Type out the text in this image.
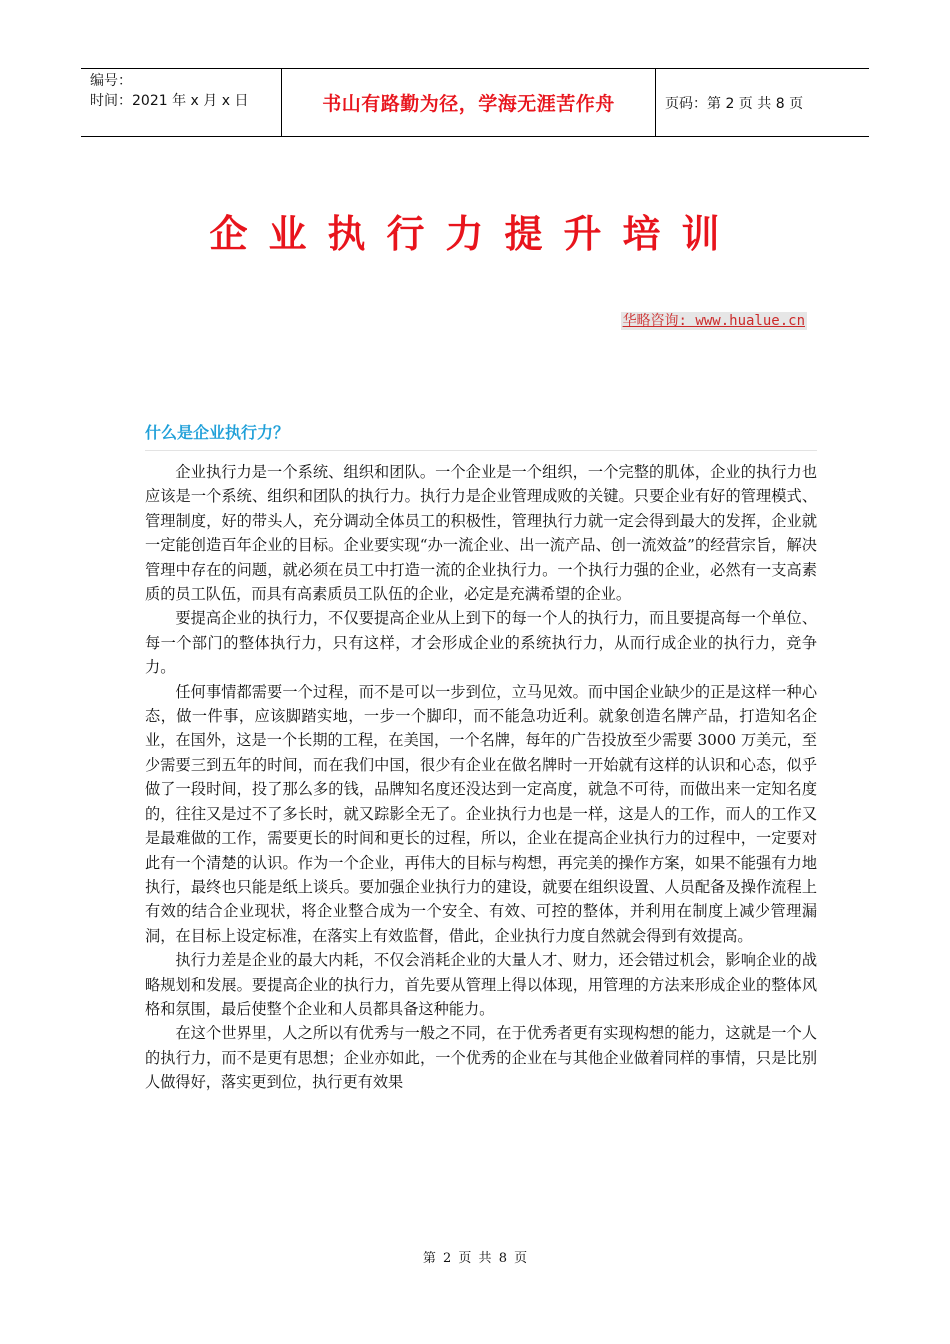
编号：
时间：2021 年 x 月 x 日	书山有路勤为径，学海无涯苦作舟	页码：第 2 页 共 8 页
企业执行力提升培训
华略咨询: www.hualue.cn
什么是企业执行力？

企业执行力是一个系统、组织和团队。一个企业是一个组织，一个完整的肌体，企业的执行力也应该是一个系统、组织和团队的执行力。执行力是企业管理成败的关键。只要企业有好的管理模式、管理制度，好的带头人，充分调动全体员工的积极性，管理执行力就一定会得到最大的发挥，企业就一定能创造百年企业的目标。企业要实现“办一流企业、出一流产品、创一流效益”的经营宗旨，解决管理中存在的问题，就必须在员工中打造一流的企业执行力。一个执行力强的企业，必然有一支高素质的员工队伍，而具有高素质员工队伍的企业，必定是充满希望的企业。

要提高企业的执行力，不仅要提高企业从上到下的每一个人的执行力，而且要提高每一个单位、每一个部门的整体执行力，只有这样，才会形成企业的系统执行力，从而行成企业的执行力，竞争力。

任何事情都需要一个过程，而不是可以一步到位，立马见效。而中国企业缺少的正是这样一种心态，做一件事，应该脚踏实地，一步一个脚印，而不能急功近利。就象创造名牌产品，打造知名企业，在国外，这是一个长期的工程，在美国，一个名牌，每年的广告投放至少需要 3000 万美元，至少需要三到五年的时间，而在我们中国，很少有企业在做名牌时一开始就有这样的认识和心态，似乎做了一段时间，投了那么多的钱，品牌知名度还没达到一定高度，就急不可待，而做出来一定知名度的，往往又是过不了多长时，就又踪影全无了。企业执行力也是一样，这是人的工作，而人的工作又是最难做的工作，需要更长的时间和更长的过程，所以，企业在提高企业执行力的过程中，一定要对此有一个清楚的认识。作为一个企业，再伟大的目标与构想，再完美的操作方案，如果不能强有力地执行，最终也只能是纸上谈兵。要加强企业执行力的建设，就要在组织设置、人员配备及操作流程上有效的结合企业现状，将企业整合成为一个安全、有效、可控的整体，并利用在制度上减少管理漏洞，在目标上设定标准，在落实上有效监督，借此，企业执行力度自然就会得到有效提高。

执行力差是企业的最大内耗，不仅会消耗企业的大量人才、财力，还会错过机会，影响企业的战略规划和发展。要提高企业的执行力，首先要从管理上得以体现，用管理的方法来形成企业的整体风格和氛围，最后使整个企业和人员都具备这种能力。

在这个世界里，人之所以有优秀与一般之不同，在于优秀者更有实现构想的能力，这就是一个人的执行力，而不是更有思想；企业亦如此，一个优秀的企业在与其他企业做着同样的事情，只是比别人做得好，落实更到位，执行更有效果

第 2 页 共 8 页
